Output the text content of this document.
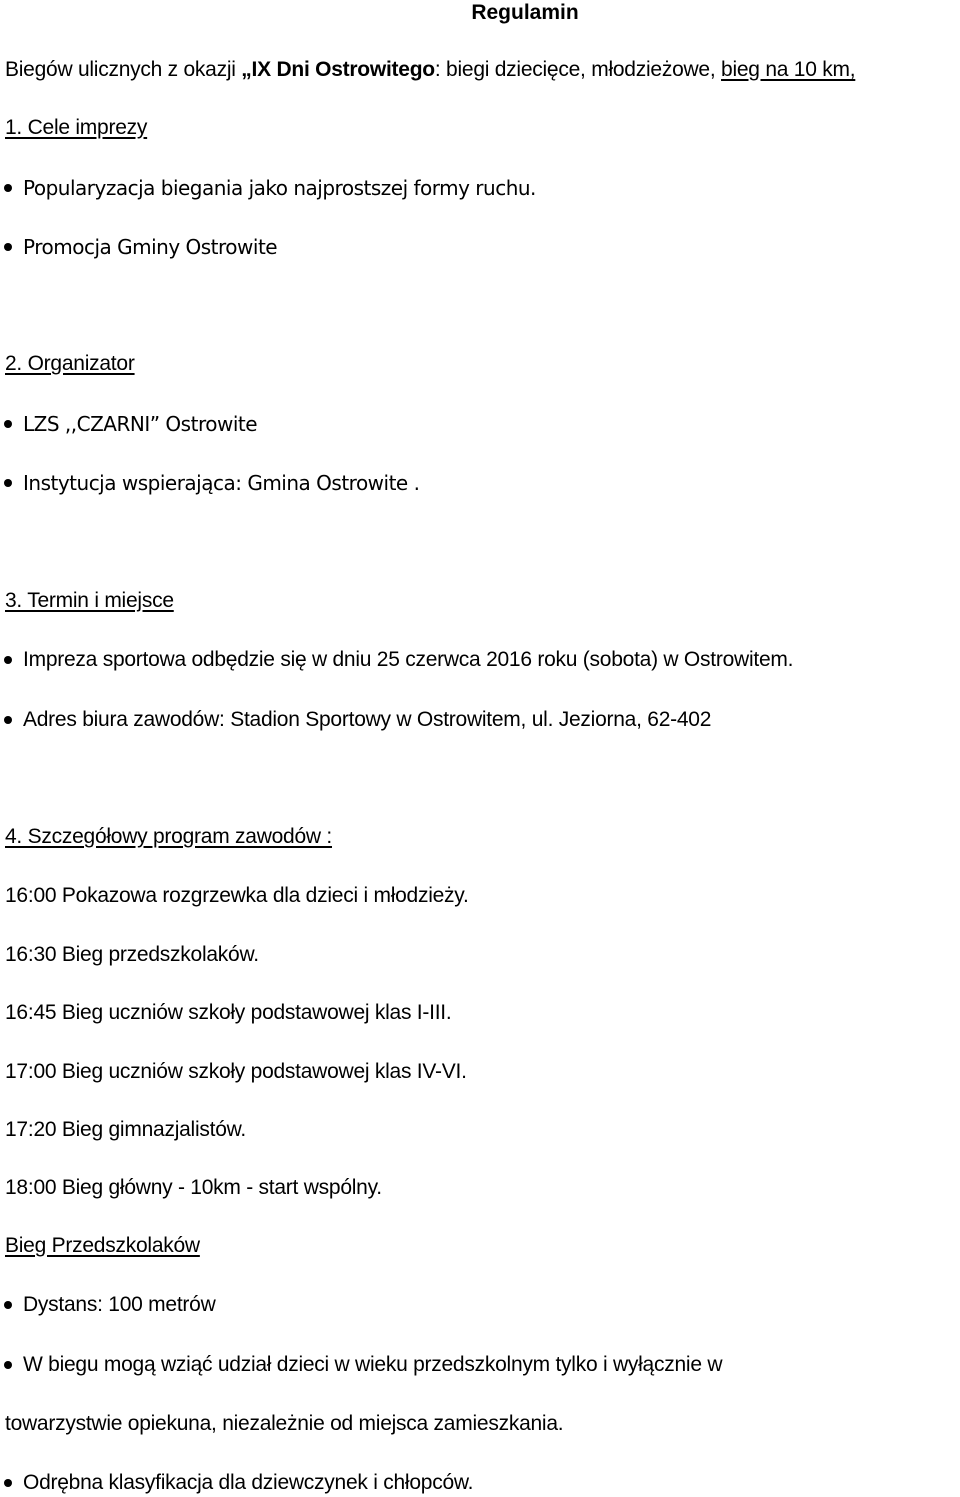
Regulamin
Biegów ulicznych z okazji „IX Dni Ostrowitego: biegi dziecięce, młodzieżowe, bieg na 10 km,
1. Cele imprezy
Popularyzacja biegania jako najprostszej formy ruchu.
Promocja Gminy Ostrowite
2. Organizator
LZS ,,CZARNI” Ostrowite
Instytucja wspierająca: Gmina Ostrowite .
3. Termin i miejsce
Impreza sportowa odbędzie się w dniu 25 czerwca 2016 roku (sobota) w Ostrowitem.
Adres biura zawodów: Stadion Sportowy w Ostrowitem, ul. Jeziorna, 62-402
4. Szczegółowy program zawodów :
16:00 Pokazowa rozgrzewka dla dzieci i młodzieży.
16:30 Bieg przedszkolaków.
16:45 Bieg uczniów szkoły podstawowej klas I-III.
17:00 Bieg uczniów szkoły podstawowej klas IV-VI.
17:20 Bieg gimnazjalistów.
18:00 Bieg główny - 10km - start wspólny.
Bieg Przedszkolaków
Dystans: 100 metrów
W biegu mogą wziąć udział dzieci w wieku przedszkolnym tylko i wyłącznie w
towarzystwie opiekuna, niezależnie od miejsca zamieszkania.
Odrębna klasyfikacja dla dziewczynek i chłopców.
